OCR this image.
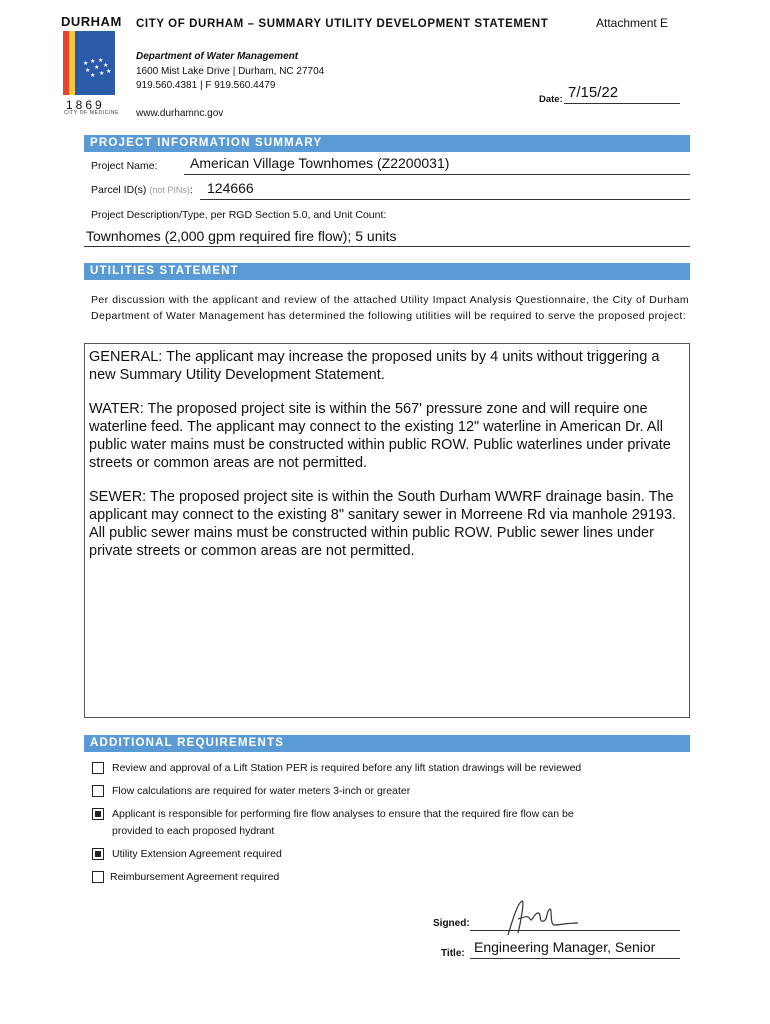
DURHAM
★ ★ ★
★ ★ ★
★ ★ ★
1869
CITY OF MEDICINE
CITY OF DURHAM – SUMMARY UTILITY DEVELOPMENT STATEMENT	Attachment E
Department of Water Management
1600 Mist Lake Drive | Durham, NC 27704
919.560.4381 | F 919.560.4479
www.durhamnc.gov
Date: 7/15/22
PROJECT INFORMATION SUMMARY
Project Name: American Village Townhomes (Z2200031)
Parcel ID(s) (not PINs): 124666
Project Description/Type, per RGD Section 5.0, and Unit Count:
Townhomes (2,000 gpm required fire flow); 5 units
UTILITIES STATEMENT
Per discussion with the applicant and review of the attached Utility Impact Analysis Questionnaire, the City of Durham Department of Water Management has determined the following utilities will be required to serve the proposed project:

GENERAL: The applicant may increase the proposed units by 4 units without triggering a new Summary Utility Development Statement.

WATER: The proposed project site is within the 567' pressure zone and will require one waterline feed. The applicant may connect to the existing 12" waterline in American Dr. All public water mains must be constructed within public ROW. Public waterlines under private streets or common areas are not permitted.

SEWER: The proposed project site is within the South Durham WWRF drainage basin. The applicant may connect to the existing 8" sanitary sewer in Morreene Rd via manhole 29193. All public sewer mains must be constructed within public ROW. Public sewer lines under private streets or common areas are not permitted.

ADDITIONAL REQUIREMENTS
Review and approval of a Lift Station PER is required before any lift station drawings will be reviewed
Flow calculations are required for water meters 3-inch or greater
Applicant is responsible for performing fire flow analyses to ensure that the required fire flow can be
provided to each proposed hydrant
Utility Extension Agreement required
Reimbursement Agreement required
Signed:
Title: Engineering Manager, Senior
